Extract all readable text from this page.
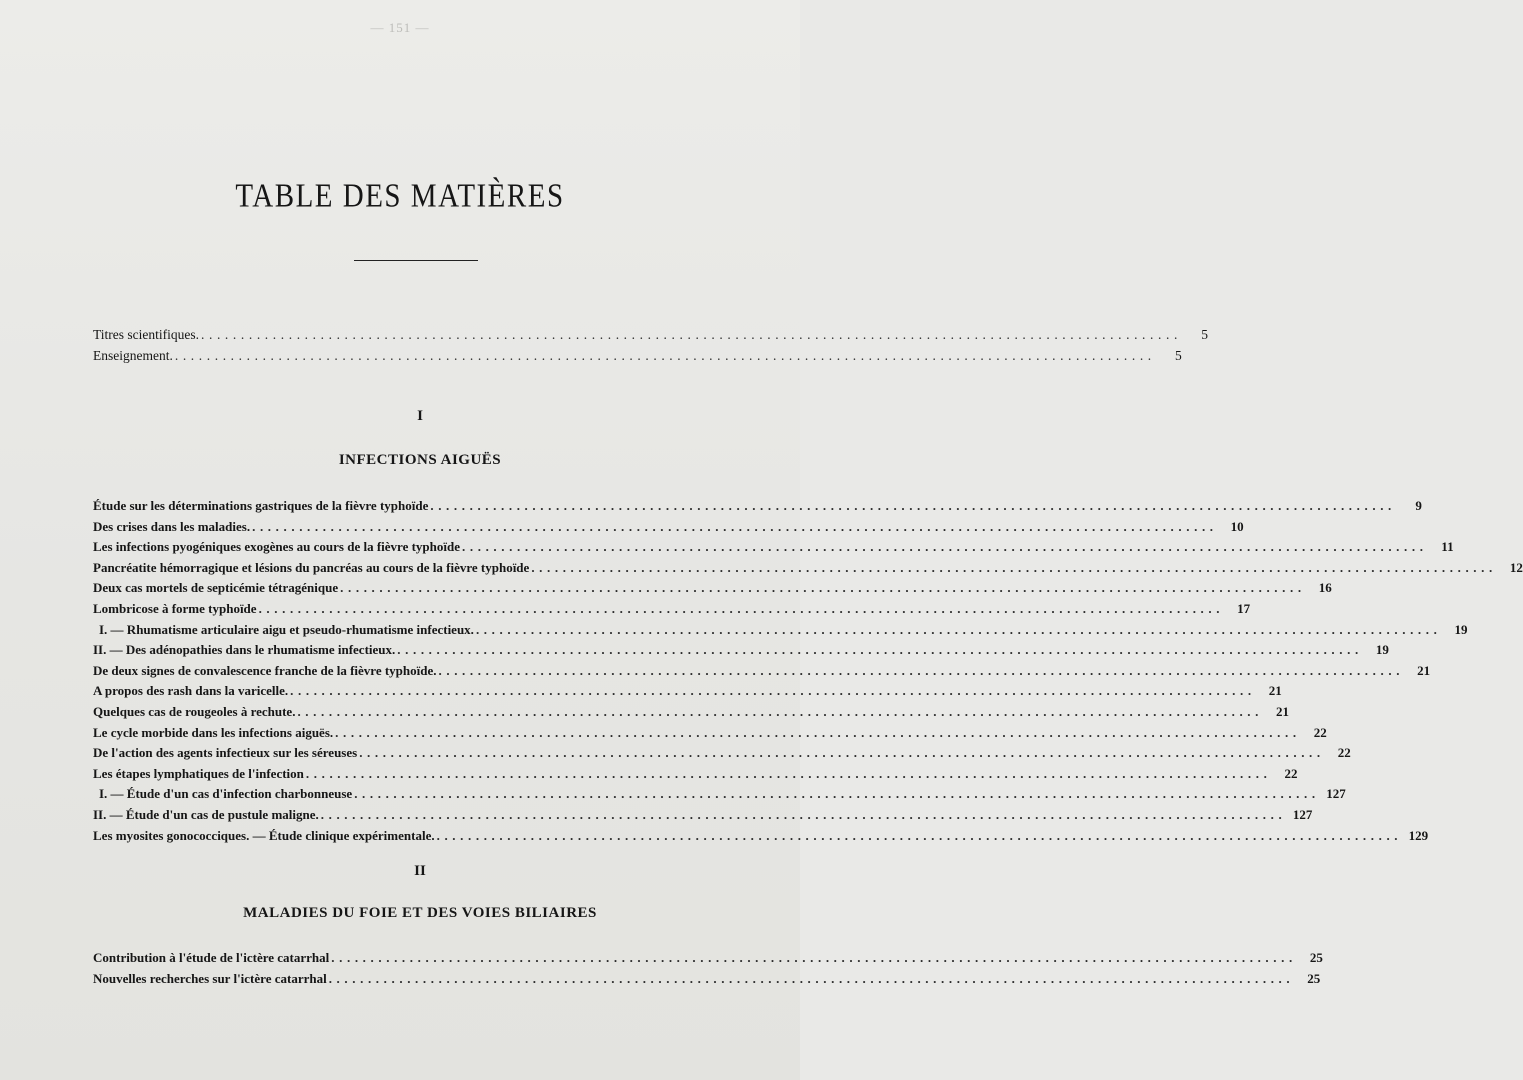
— 151 —
TABLE DES MATIÈRES
Titres scientifiques. ...........................................................................................................................	5
Enseignement. ...........................................................................................................................	5
I
INFECTIONS AIGUËS
Étude sur les déterminations gastriques de la fièvre typhoïde ...........................................................................................................................	9
Des crises dans les maladies. ...........................................................................................................................	10
Les infections pyogéniques exogènes au cours de la fièvre typhoïde ...........................................................................................................................	11
Pancréatite hémorragique et lésions du pancréas au cours de la fièvre typhoïde ...........................................................................................................................	12
Deux cas mortels de septicémie tétragénique ...........................................................................................................................	16
Lombricose à forme typhoïde ...........................................................................................................................	17
I. — Rhumatisme articulaire aigu et pseudo-rhumatisme infectieux. ...........................................................................................................................	19
II. — Des adénopathies dans le rhumatisme infectieux. ...........................................................................................................................	19
De deux signes de convalescence franche de la fièvre typhoïde. ...........................................................................................................................	21
A propos des rash dans la varicelle. ...........................................................................................................................	21
Quelques cas de rougeoles à rechute. ...........................................................................................................................	21
Le cycle morbide dans les infections aiguës. ...........................................................................................................................	22
De l'action des agents infectieux sur les séreuses ...........................................................................................................................	22
Les étapes lymphatiques de l'infection ...........................................................................................................................	22
I. — Étude d'un cas d'infection charbonneuse ........................................................................................................................... 127
II. — Étude d'un cas de pustule maligne. ........................................................................................................................... 127
Les myosites gonococciques. — Étude clinique expérimentale. ........................................................................................................................... 129
II
MALADIES DU FOIE ET DES VOIES BILIAIRES
Contribution à l'étude de l'ictère catarrhal ...........................................................................................................................	25
Nouvelles recherches sur l'ictère catarrhal ...........................................................................................................................	25
